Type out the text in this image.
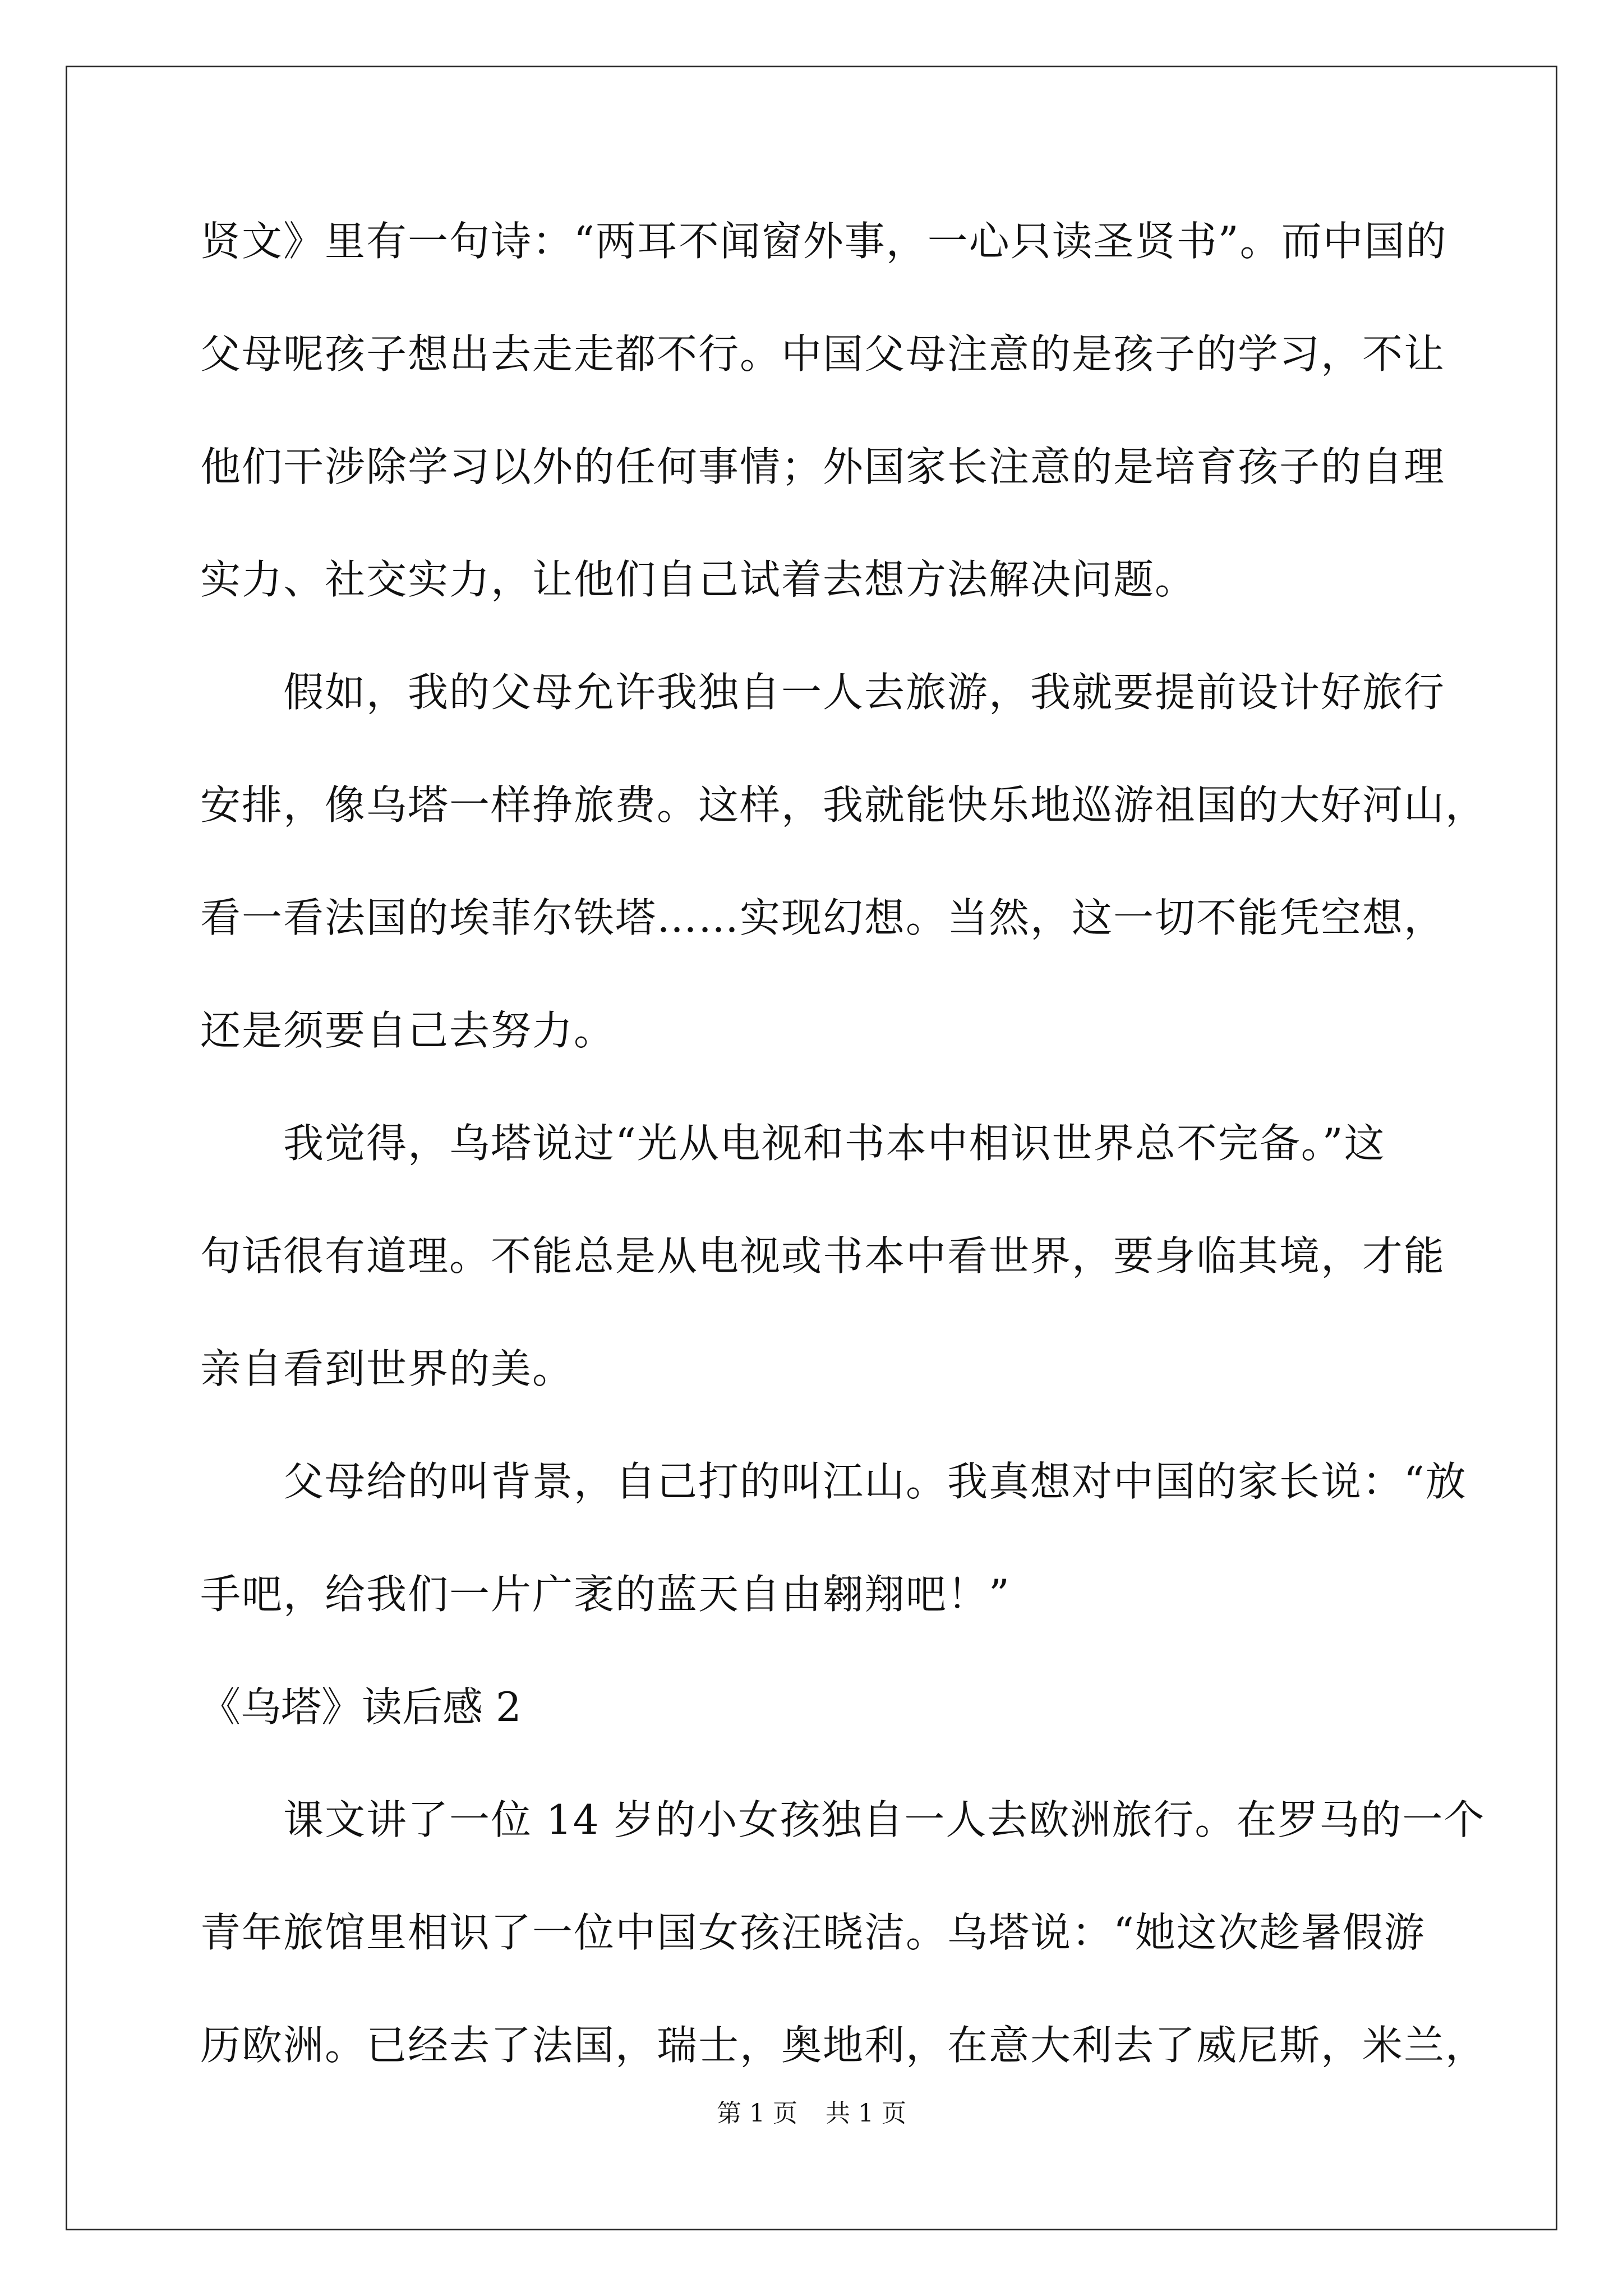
贤文》里有一句诗：“两耳不闻窗外事，一心只读圣贤书”。而中国的
父母呢孩子想出去走走都不行。中国父母注意的是孩子的学习，不让
他们干涉除学习以外的任何事情；外国家长注意的是培育孩子的自理
实力、社交实力，让他们自己试着去想方法解决问题。
　　假如，我的父母允许我独自一人去旅游，我就要提前设计好旅行
安排，像乌塔一样挣旅费。这样，我就能快乐地巡游祖国的大好河山，
看一看法国的埃菲尔铁塔……实现幻想。当然，这一切不能凭空想，
还是须要自己去努力。
　　我觉得，乌塔说过“光从电视和书本中相识世界总不完备。”这
句话很有道理。不能总是从电视或书本中看世界，要身临其境，才能
亲自看到世界的美。
　　父母给的叫背景，自己打的叫江山。我真想对中国的家长说：“放
手吧，给我们一片广袤的蓝天自由翱翔吧！”
《乌塔》读后感 2
　　课文讲了一位 14 岁的小女孩独自一人去欧洲旅行。在罗马的一个
青年旅馆里相识了一位中国女孩汪晓洁。乌塔说：“她这次趁暑假游
历欧洲。已经去了法国，瑞士，奥地利，在意大利去了威尼斯，米兰，
第 1 页 共 1 页
